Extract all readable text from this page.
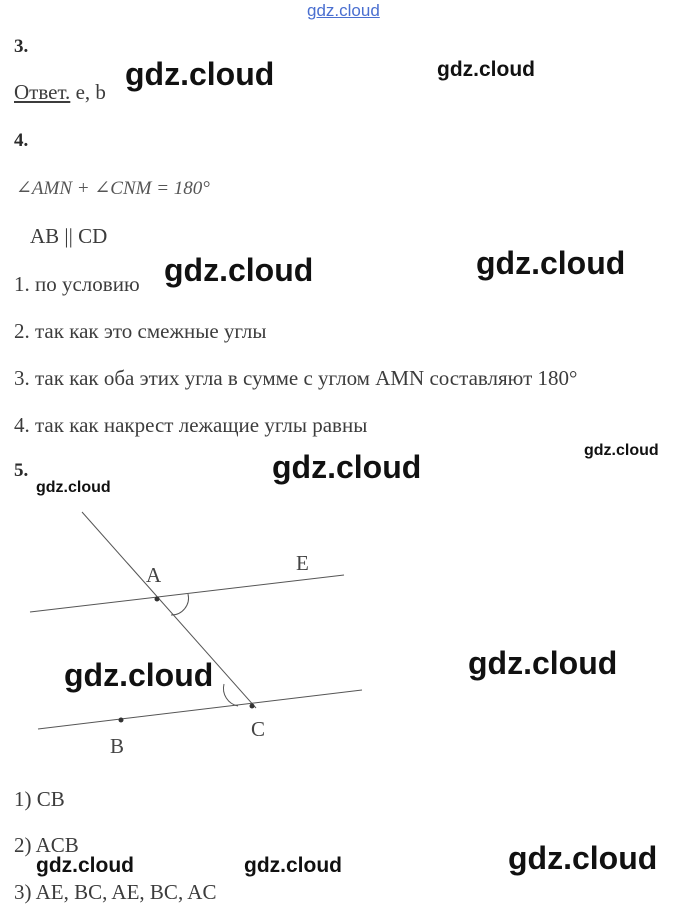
gdz.cloud
gdz.cloud	gdz.cloud
gdz.cloud	gdz.cloud
gdz.cloud	gdz.cloud
gdz.cloud
gdz.cloud	gdz.cloud
gdz.cloud	gdz.cloud	gdz.cloud
3.
Ответ. e, b
4.
∠AMN + ∠CNM = 180°
AB || CD
1. по условию
2. так как это смежные углы
3. так как оба этих угла в сумме с углом AMN составляют 180°
4. так как накрест лежащие углы равны
5.
A	E
B
C
1) CB
2) ACB
3) AE, BC, AE, BC, AC
